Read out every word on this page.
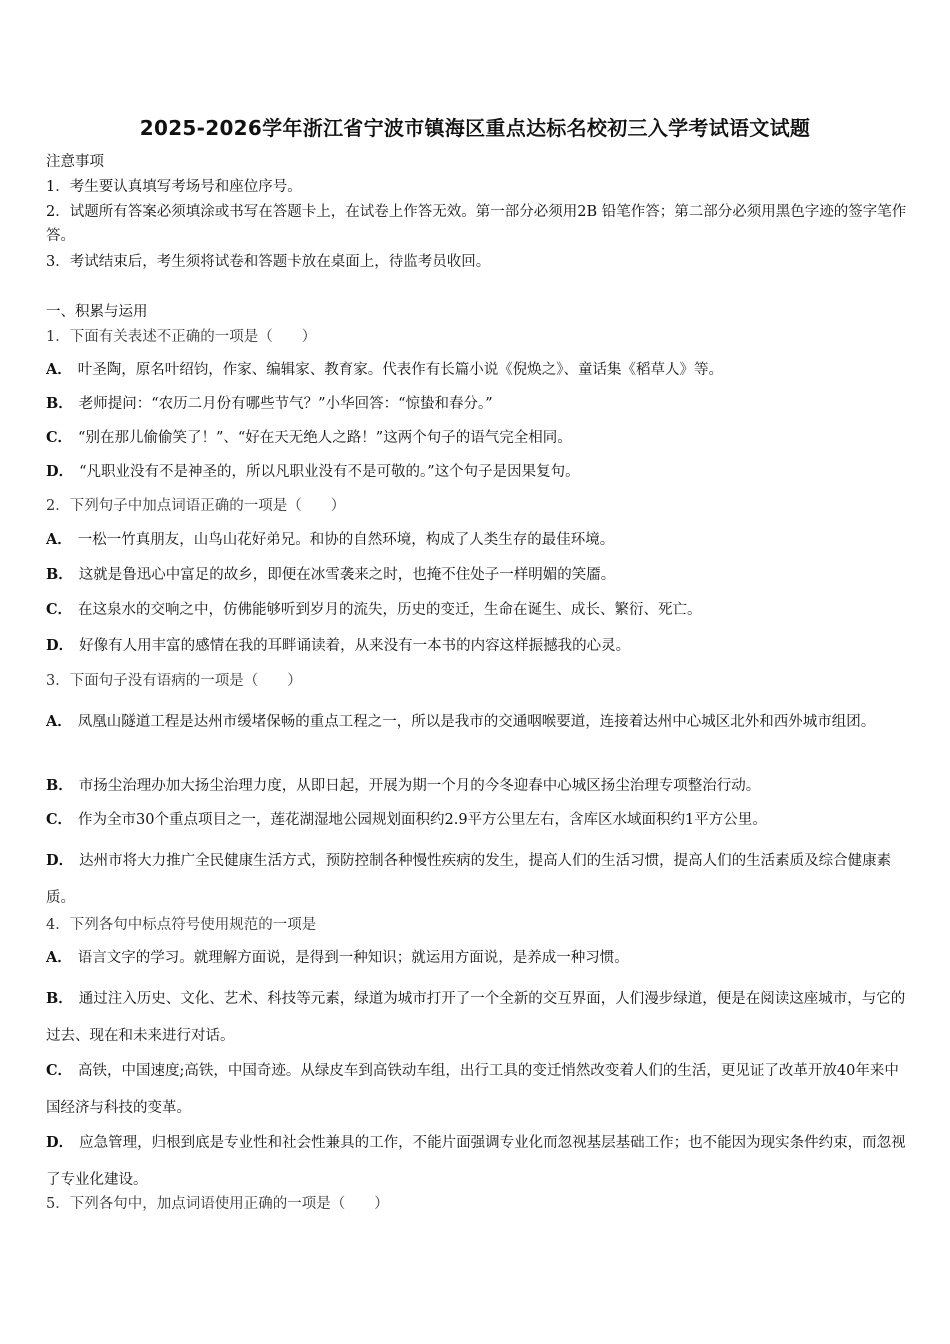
2025-2026学年浙江省宁波市镇海区重点达标名校初三入学考试语文试题
注意事项
1．考生要认真填写考场号和座位序号。
2．试题所有答案必须填涂或书写在答题卡上，在试卷上作答无效。第一部分必须用2B 铅笔作答；第二部分必须用黑色字迹的签字笔作答。
3．考试结束后，考生须将试卷和答题卡放在桌面上，待监考员收回。
一、积累与运用
1．下面有关表述不正确的一项是（　　）
A． 叶圣陶，原名叶绍钧，作家、编辑家、教育家。代表作有长篇小说《倪焕之》、童话集《稻草人》等。
B． 老师提问：“农历二月份有哪些节气？”小华回答：“惊蛰和春分。”
C． “别在那儿偷偷笑了！”、“好在天无绝人之路！”这两个句子的语气完全相同。
D． “凡职业没有不是神圣的，所以凡职业没有不是可敬的。”这个句子是因果复句。
2．下列句子中加点词语正确的一项是（　　）
A． 一松一竹真朋友，山鸟山花好弟兄。和协的自然环境，构成了人类生存的最佳环境。
B． 这就是鲁迅心中富足的故乡，即便在冰雪袭来之时，也掩不住处子一样明媚的笑靥。
C． 在这泉水的交响之中，仿佛能够听到岁月的流失，历史的变迁，生命在诞生、成长、繁衍、死亡。
D． 好像有人用丰富的感情在我的耳畔诵读着，从来没有一本书的内容这样振撼我的心灵。
3．下面句子没有语病的一项是（　　）
A． 凤凰山隧道工程是达州市缓堵保畅的重点工程之一，所以是我市的交通咽喉要道，连接着达州中心城区北外和西外城市组团。
B． 市扬尘治理办加大扬尘治理力度，从即日起，开展为期一个月的今冬迎春中心城区扬尘治理专项整治行动。
C． 作为全市30个重点项目之一，莲花湖湿地公园规划面积约2.9平方公里左右，含库区水域面积约1平方公里。
D． 达州市将大力推广全民健康生活方式，预防控制各种慢性疾病的发生，提高人们的生活习惯，提高人们的生活素质及综合健康素质。
4．下列各句中标点符号使用规范的一项是
A． 语言文字的学习。就理解方面说，是得到一种知识；就运用方面说，是养成一种习惯。
B． 通过注入历史、文化、艺术、科技等元素，绿道为城市打开了一个全新的交互界面，人们漫步绿道，便是在阅读这座城市，与它的过去、现在和未来进行对话。
C． 高铁，中国速度;高铁，中国奇迹。从绿皮车到高铁动车组，出行工具的变迁悄然改变着人们的生活，更见证了改革开放40年来中国经济与科技的变革。
D． 应急管理，归根到底是专业性和社会性兼具的工作，不能片面强调专业化而忽视基层基础工作；也不能因为现实条件约束，而忽视了专业化建设。
5．下列各句中，加点词语使用正确的一项是（　　）
